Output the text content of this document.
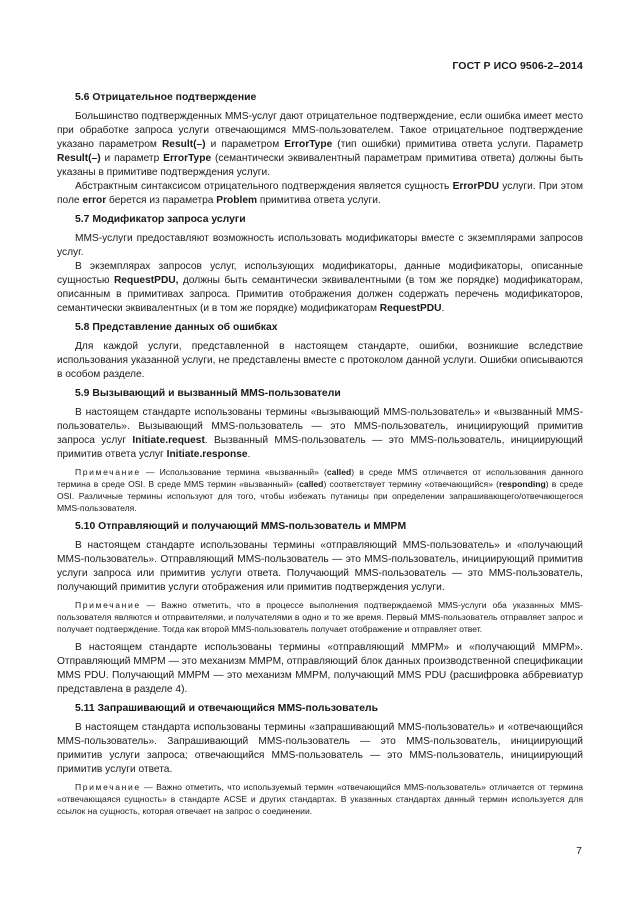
ГОСТ Р ИСО 9506-2–2014
5.6 Отрицательное подтверждение

Большинство подтвержденных MMS-услуг дают отрицательное подтверждение, если ошибка имеет место при обработке запроса услуги отвечающимся MMS-пользователем. Такое отрицательное подтверждение указано параметром Result(–) и параметром ErrorType (тип ошибки) примитива ответа услуги. Параметр Result(–) и параметр ErrorType (семантически эквивалентный параметрам примитива ответа) должны быть указаны в примитиве подтверждения услуги.

Абстрактным синтаксисом отрицательного подтверждения является сущность ErrorPDU услуги. При этом поле error берется из параметра Problem примитива ответа услуги.

5.7 Модификатор запроса услуги

MMS-услуги предоставляют возможность использовать модификаторы вместе с экземплярами запросов услуг.

В экземплярах запросов услуг, использующих модификаторы, данные модификаторы, описанные сущностью RequestPDU, должны быть семантически эквивалентными (в том же порядке) модификаторам, описанным в примитивах запроса. Примитив отображения должен содержать перечень модификаторов, семантически эквивалентных (и в том же порядке) модификаторам RequestPDU.

5.8 Представление данных об ошибках

Для каждой услуги, представленной в настоящем стандарте, ошибки, возникшие вследствие использования указанной услуги, не представлены вместе с протоколом данной услуги. Ошибки описываются в особом разделе.

5.9 Вызывающий и вызванный MMS-пользователи

В настоящем стандарте использованы термины «вызывающий MMS-пользователь» и «вызванный MMS-пользователь». Вызывающий MMS-пользователь — это MMS-пользователь, инициирующий примитив запроса услуг Initiate.request. Вызванный MMS-пользователь — это MMS-пользователь, инициирующий примитив ответа услуг Initiate.response.

Примечание — Использование термина «вызванный» (called) в среде MMS отличается от использования данного термина в среде OSI. В среде MMS термин «вызванный» (called) соответствует термину «отвечающийся» (responding) в среде OSI. Различные термины используют для того, чтобы избежать путаницы при определении запрашивающего/отвечающегося MMS-пользователя.

5.10 Отправляющий и получающий MMS-пользователь и MMPM

В настоящем стандарте использованы термины «отправляющий MMS-пользователь» и «получающий MMS-пользователь». Отправляющий MMS-пользователь — это MMS-пользователь, инициирующий примитив услуги запроса или примитив услуги ответа. Получающий MMS-пользователь — это MMS-пользователь, получающий примитив услуги отображения или примитив подтверждения услуги.

Примечание — Важно отметить, что в процессе выполнения подтверждаемой MMS-услуги оба указанных MMS-пользователя являются и отправителями, и получателями в одно и то же время. Первый MMS-пользователь отправляет запрос и получает подтверждение. Тогда как второй MMS-пользователь получает отображение и отправляет ответ.

В настоящем стандарте использованы термины «отправляющий MMPM» и «получающий MMPM». Отправляющий MMPM — это механизм MMPM, отправляющий блок данных производственной спецификации MMS PDU. Получающий MMPM — это механизм MMPM, получающий MMS PDU (расшифровка аббревиатур представлена в разделе 4).

5.11 Запрашивающий и отвечающийся MMS-пользователь

В настоящем стандарта использованы термины «запрашивающий MMS-пользователь» и «отвечающийся MMS-пользователь». Запрашивающий MMS-пользователь — это MMS-пользователь, инициирующий примитив услуги запроса; отвечающийся MMS-пользователь — это MMS-пользователь, инициирующий примитив услуги ответа.

Примечание — Важно отметить, что используемый термин «отвечающийся MMS-пользователь» отличается от термина «отвечающаяся сущность» в стандарте ACSE и других стандартах. В указанных стандартах данный термин используется для ссылок на сущность, которая отвечает на запрос о соединении.

7
